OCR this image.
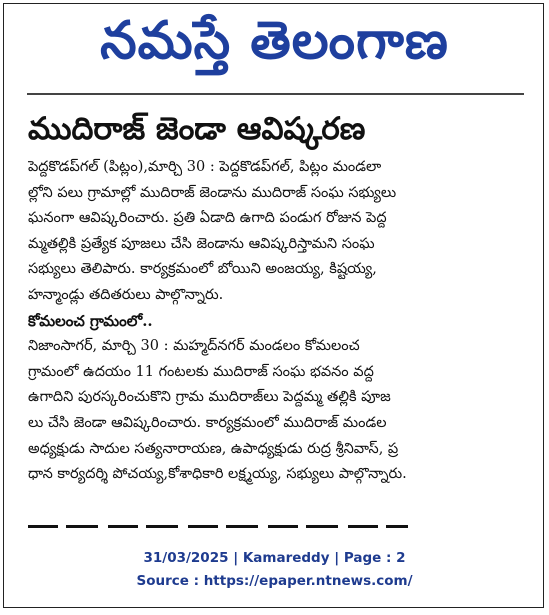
నమస్తే తెలంగాణ
ముదిరాజ్ జెండా ఆవిష్కరణ

పెద్దకొడప్‌గల్ (పిట్లం),మార్చి 30 : పెద్దకొడప్‌గల్, పిట్లం మండలా

ల్లోని పలు గ్రామాల్లో ముదిరాజ్ జెండాను ముదిరాజ్ సంఘ సభ్యులు

ఘనంగా ఆవిష్కరించారు. ప్రతి ఏడాది ఉగాది పండుగ రోజున పెద్ద

మ్మతల్లికి ప్రత్యేక పూజలు చేసి జెండాను ఆవిష్కరిస్తామని సంఘ

సభ్యులు తెలిపారు. కార్యక్రమంలో బోయిని అంజయ్య, కిష్టయ్య,

హన్మాండ్లు తదితరులు పాల్గొన్నారు.

కోమలంచ గ్రామంలో..

నిజాంసాగర్, మార్చి 30 : మహ్మద్‌నగర్ మండలం కోమలంచ

గ్రామంలో ఉదయం 11 గంటలకు ముదిరాజ్ సంఘ భవనం వద్ద

ఉగాదిని పురస్కరించుకొని గ్రామ ముదిరాజ్‌లు పెద్దమ్మ తల్లికి పూజ

లు చేసి జెండా ఆవిష్కరించారు. కార్యక్రమంలో ముదిరాజ్ మండల

అధ్యక్షుడు సాదుల సత్యనారాయణ, ఉపాధ్యక్షుడు రుద్ర శ్రీనివాస్, ప్ర

ధాన కార్యదర్శి పోచయ్య,కోశాధికారి లక్ష్మయ్య, సభ్యులు పాల్గొన్నారు.

31/03/2025 | Kamareddy | Page : 2
Source : https://epaper.ntnews.com/
